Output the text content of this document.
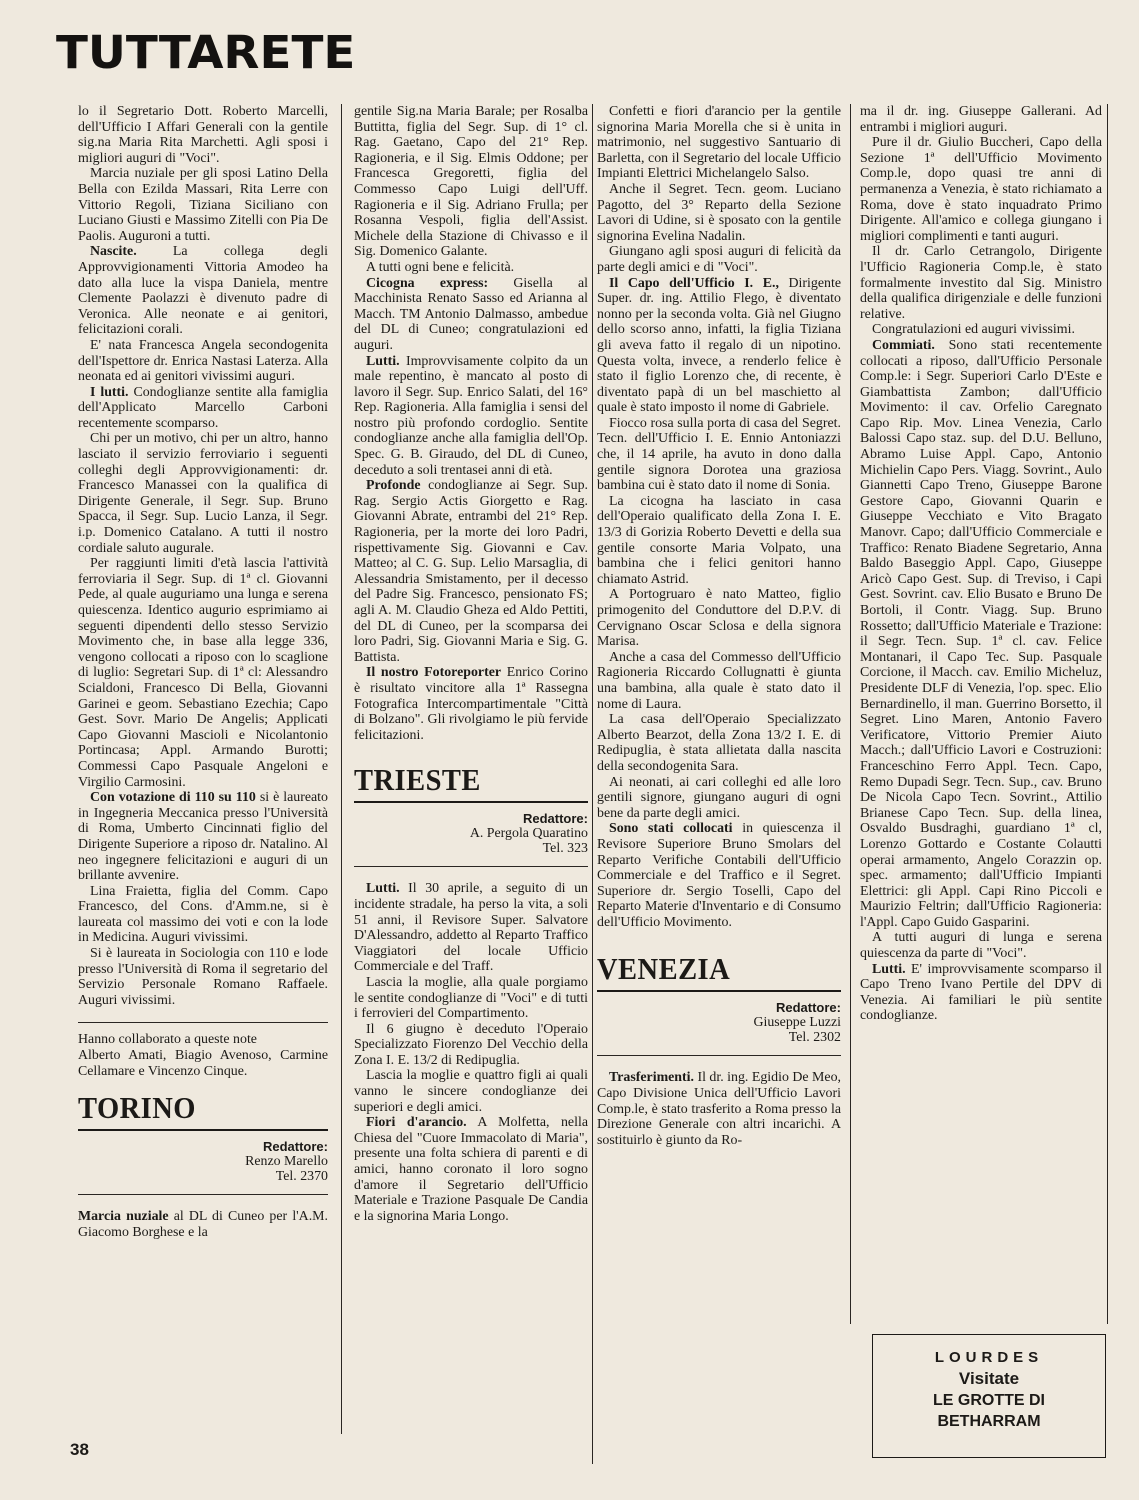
TUTTARETE

lo il Segretario Dott. Roberto Marcelli, dell'Ufficio I Affari Generali con la gentile sig.na Maria Rita Marchetti. Agli sposi i migliori auguri di "Voci".

Marcia nuziale per gli sposi Latino Della Bella con Ezilda Massari, Rita Lerre con Vittorio Regoli, Tiziana Siciliano con Luciano Giusti e Massimo Zitelli con Pia De Paolis. Auguroni a tutti.

Nascite. La collega degli Approvvigionamenti Vittoria Amodeo ha dato alla luce la vispa Daniela, mentre Clemente Paolazzi è divenuto padre di Veronica. Alle neonate e ai genitori, felicitazioni corali.

E' nata Francesca Angela secondogenita dell'Ispettore dr. Enrica Nastasi Laterza. Alla neonata ed ai genitori vivissimi auguri.

I lutti. Condoglianze sentite alla famiglia dell'Applicato Marcello Carboni recentemente scomparso.

Chi per un motivo, chi per un altro, hanno lasciato il servizio ferroviario i seguenti colleghi degli Approvvigionamenti: dr. Francesco Manassei con la qualifica di Dirigente Generale, il Segr. Sup. Bruno Spacca, il Segr. Sup. Lucio Lanza, il Segr. i.p. Domenico Catalano. A tutti il nostro cordiale saluto augurale.

Per raggiunti limiti d'età lascia l'attività ferroviaria il Segr. Sup. di 1ª cl. Giovanni Pede, al quale auguriamo una lunga e serena quiescenza. Identico augurio esprimiamo ai seguenti dipendenti dello stesso Servizio Movimento che, in base alla legge 336, vengono collocati a riposo con lo scaglione di luglio: Segretari Sup. di 1ª cl: Alessandro Scialdoni, Francesco Di Bella, Giovanni Garinei e geom. Sebastiano Ezechia; Capo Gest. Sovr. Mario De Angelis; Applicati Capo Giovanni Mascioli e Nicolantonio Portincasa; Appl. Armando Burotti; Commessi Capo Pasquale Angeloni e Virgilio Carmosini.

Con votazione di 110 su 110 si è laureato in Ingegneria Meccanica presso l'Università di Roma, Umberto Cincinnati figlio del Dirigente Superiore a riposo dr. Natalino. Al neo ingegnere felicitazioni e auguri di un brillante avvenire.

Lina Fraietta, figlia del Comm. Capo Francesco, del Cons. d'Amm.ne, si è laureata col massimo dei voti e con la lode in Medicina. Auguri vivissimi.

Si è laureata in Sociologia con 110 e lode presso l'Università di Roma il segretario del Servizio Personale Romano Raffaele. Auguri vivissimi.

Hanno collaborato a queste note

Alberto Amati, Biagio Avenoso, Carmine Cellamare e Vincenzo Cinque.

TORINO
Redattore:
Renzo Marello
Tel. 2370

Marcia nuziale al DL di Cuneo per l'A.M. Giacomo Borghese e la

gentile Sig.na Maria Barale; per Rosalba Buttitta, figlia del Segr. Sup. di 1° cl. Rag. Gaetano, Capo del 21° Rep. Ragioneria, e il Sig. Elmis Oddone; per Francesca Gregoretti, figlia del Commesso Capo Luigi dell'Uff. Ragioneria e il Sig. Adriano Frulla; per Rosanna Vespoli, figlia dell'Assist. Michele della Stazione di Chivasso e il Sig. Domenico Galante.

A tutti ogni bene e felicità.

Cicogna express: Gisella al Macchinista Renato Sasso ed Arianna al Macch. TM Antonio Dalmasso, ambedue del DL di Cuneo; congratulazioni ed auguri.

Lutti. Improvvisamente colpito da un male repentino, è mancato al posto di lavoro il Segr. Sup. Enrico Salati, del 16° Rep. Ragioneria. Alla famiglia i sensi del nostro più profondo cordoglio. Sentite condoglianze anche alla famiglia dell'Op. Spec. G. B. Giraudo, del DL di Cuneo, deceduto a soli trentasei anni di età.

Profonde condoglianze ai Segr. Sup. Rag. Sergio Actis Giorgetto e Rag. Giovanni Abrate, entrambi del 21° Rep. Ragioneria, per la morte dei loro Padri, rispettivamente Sig. Giovanni e Cav. Matteo; al C. G. Sup. Lelio Marsaglia, di Alessandria Smistamento, per il decesso del Padre Sig. Francesco, pensionato FS; agli A. M. Claudio Gheza ed Aldo Pettiti, del DL di Cuneo, per la scomparsa dei loro Padri, Sig. Giovanni Maria e Sig. G. Battista.

Il nostro Fotoreporter Enrico Corino è risultato vincitore alla 1ª Rassegna Fotografica Intercompartimentale "Città di Bolzano". Gli rivolgiamo le più fervide felicitazioni.

TRIESTE
Redattore:
A. Pergola Quaratino
Tel. 323

Lutti. Il 30 aprile, a seguito di un incidente stradale, ha perso la vita, a soli 51 anni, il Revisore Super. Salvatore D'Alessandro, addetto al Reparto Traffico Viaggiatori del locale Ufficio Commerciale e del Traff.

Lascia la moglie, alla quale porgiamo le sentite condoglianze di "Voci" e di tutti i ferrovieri del Compartimento.

Il 6 giugno è deceduto l'Operaio Specializzato Fiorenzo Del Vecchio della Zona I. E. 13/2 di Redipuglia.

Lascia la moglie e quattro figli ai quali vanno le sincere condoglianze dei superiori e degli amici.

Fiori d'arancio. A Molfetta, nella Chiesa del "Cuore Immacolato di Maria", presente una folta schiera di parenti e di amici, hanno coronato il loro sogno d'amore il Segretario dell'Ufficio Materiale e Trazione Pasquale De Candia e la signorina Maria Longo.

Confetti e fiori d'arancio per la gentile signorina Maria Morella che si è unita in matrimonio, nel suggestivo Santuario di Barletta, con il Segretario del locale Ufficio Impianti Elettrici Michelangelo Salso.

Anche il Segret. Tecn. geom. Luciano Pagotto, del 3° Reparto della Sezione Lavori di Udine, si è sposato con la gentile signorina Evelina Nadalin.

Giungano agli sposi auguri di felicità da parte degli amici e di "Voci".

Il Capo dell'Ufficio I. E., Dirigente Super. dr. ing. Attilio Flego, è diventato nonno per la seconda volta. Già nel Giugno dello scorso anno, infatti, la figlia Tiziana gli aveva fatto il regalo di un nipotino. Questa volta, invece, a renderlo felice è stato il figlio Lorenzo che, di recente, è diventato papà di un bel maschietto al quale è stato imposto il nome di Gabriele.

Fiocco rosa sulla porta di casa del Segret. Tecn. dell'Ufficio I. E. Ennio Antoniazzi che, il 14 aprile, ha avuto in dono dalla gentile signora Dorotea una graziosa bambina cui è stato dato il nome di Sonia.

La cicogna ha lasciato in casa dell'Operaio qualificato della Zona I. E. 13/3 di Gorizia Roberto Devetti e della sua gentile consorte Maria Volpato, una bambina che i felici genitori hanno chiamato Astrid.

A Portogruaro è nato Matteo, figlio primogenito del Conduttore del D.P.V. di Cervignano Oscar Sclosa e della signora Marisa.

Anche a casa del Commesso dell'Ufficio Ragioneria Riccardo Collugnatti è giunta una bambina, alla quale è stato dato il nome di Laura.

La casa dell'Operaio Specializzato Alberto Bearzot, della Zona 13/2 I. E. di Redipuglia, è stata allietata dalla nascita della secondogenita Sara.

Ai neonati, ai cari colleghi ed alle loro gentili signore, giungano auguri di ogni bene da parte degli amici.

Sono stati collocati in quiescenza il Revisore Superiore Bruno Smolars del Reparto Verifiche Contabili dell'Ufficio Commerciale e del Traffico e il Segret. Superiore dr. Sergio Toselli, Capo del Reparto Materie d'Inventario e di Consumo dell'Ufficio Movimento.

VENEZIA
Redattore:
Giuseppe Luzzi
Tel. 2302

Trasferimenti. Il dr. ing. Egidio De Meo, Capo Divisione Unica dell'Ufficio Lavori Comp.le, è stato trasferito a Roma presso la Direzione Generale con altri incarichi. A sostituirlo è giunto da Ro-

ma il dr. ing. Giuseppe Gallerani. Ad entrambi i migliori auguri.

Pure il dr. Giulio Buccheri, Capo della Sezione 1ª dell'Ufficio Movimento Comp.le, dopo quasi tre anni di permanenza a Venezia, è stato richiamato a Roma, dove è stato inquadrato Primo Dirigente. All'amico e collega giungano i migliori complimenti e tanti auguri.

Il dr. Carlo Cetrangolo, Dirigente l'Ufficio Ragioneria Comp.le, è stato formalmente investito dal Sig. Ministro della qualifica dirigenziale e delle funzioni relative.

Congratulazioni ed auguri vivissimi.

Commiati. Sono stati recentemente collocati a riposo, dall'Ufficio Personale Comp.le: i Segr. Superiori Carlo D'Este e Giambattista Zambon; dall'Ufficio Movimento: il cav. Orfelio Caregnato Capo Rip. Mov. Linea Venezia, Carlo Balossi Capo staz. sup. del D.U. Belluno, Abramo Luise Appl. Capo, Antonio Michielin Capo Pers. Viagg. Sovrint., Aulo Giannetti Capo Treno, Giuseppe Barone Gestore Capo, Giovanni Quarin e Giuseppe Vecchiato e Vito Bragato Manovr. Capo; dall'Ufficio Commerciale e Traffico: Renato Biadene Segretario, Anna Baldo Baseggio Appl. Capo, Giuseppe Aricò Capo Gest. Sup. di Treviso, i Capi Gest. Sovrint. cav. Elio Busato e Bruno De Bortoli, il Contr. Viagg. Sup. Bruno Rossetto; dall'Ufficio Materiale e Trazione: il Segr. Tecn. Sup. 1ª cl. cav. Felice Montanari, il Capo Tec. Sup. Pasquale Corcione, il Macch. cav. Emilio Micheluz, Presidente DLF di Venezia, l'op. spec. Elio Bernardinello, il man. Guerrino Borsetto, il Segret. Lino Maren, Antonio Favero Verificatore, Vittorio Premier Aiuto Macch.; dall'Ufficio Lavori e Costruzioni: Franceschino Ferro Appl. Tecn. Capo, Remo Dupadi Segr. Tecn. Sup., cav. Bruno De Nicola Capo Tecn. Sovrint., Attilio Brianese Capo Tecn. Sup. della linea, Osvaldo Busdraghi, guardiano 1ª cl, Lorenzo Gottardo e Costante Colautti operai armamento, Angelo Corazzin op. spec. armamento; dall'Ufficio Impianti Elettrici: gli Appl. Capi Rino Piccoli e Maurizio Feltrin; dall'Ufficio Ragioneria: l'Appl. Capo Guido Gasparini.

A tutti auguri di lunga e serena quiescenza da parte di "Voci".

Lutti. E' improvvisamente scomparso il Capo Treno Ivano Pertile del DPV di Venezia. Ai familiari le più sentite condoglianze.

LOURDES
Visitate
LE GROTTE DI
BETHARRAM
38
